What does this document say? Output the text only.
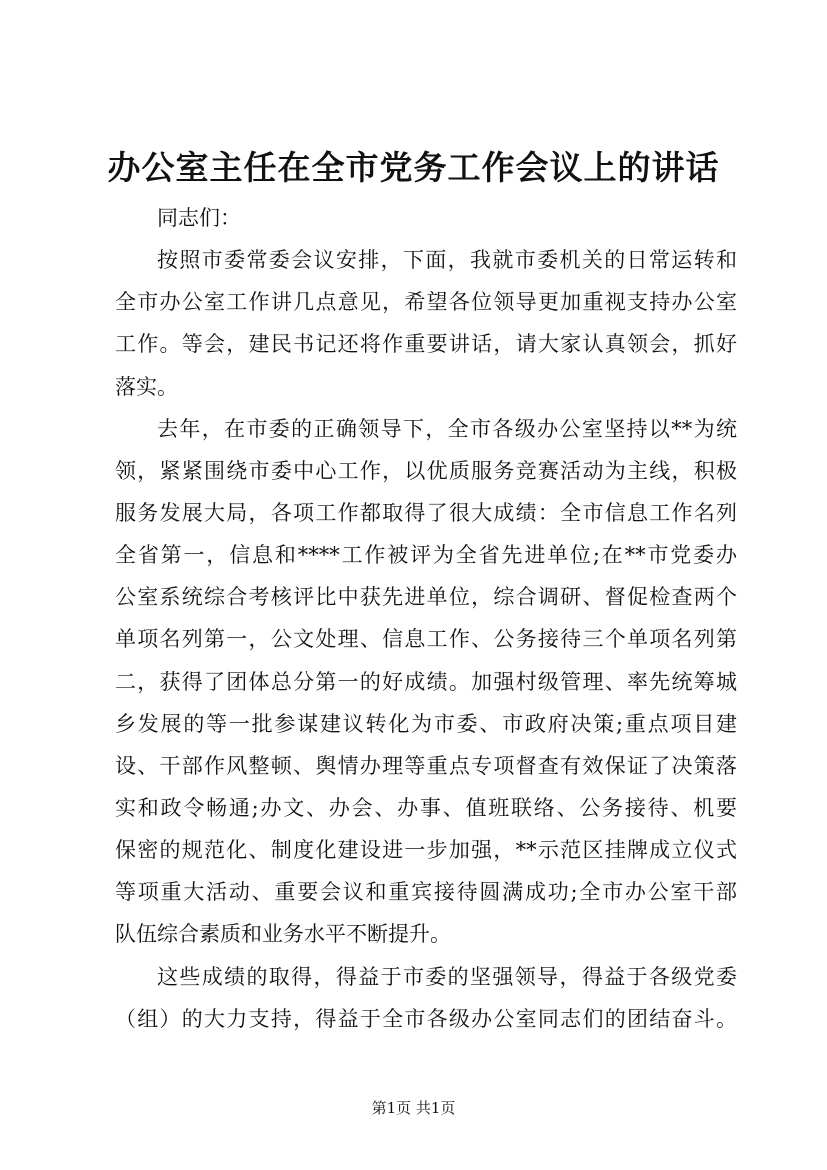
办公室主任在全市党务工作会议上的讲话
同志们：
按照市委常委会议安排，下面，我就市委机关的日常运转和
全市办公室工作讲几点意见，希望各位领导更加重视支持办公室
工作。等会，建民书记还将作重要讲话，请大家认真领会，抓好
落实。
去年，在市委的正确领导下，全市各级办公室坚持以**为统
领，紧紧围绕市委中心工作，以优质服务竞赛活动为主线，积极
服务发展大局，各项工作都取得了很大成绩：全市信息工作名列
全省第一，信息和****工作被评为全省先进单位;在**市党委办
公室系统综合考核评比中获先进单位，综合调研、督促检查两个
单项名列第一，公文处理、信息工作、公务接待三个单项名列第
二，获得了团体总分第一的好成绩。加强村级管理、率先统筹城
乡发展的等一批参谋建议转化为市委、市政府决策;重点项目建
设、干部作风整顿、舆情办理等重点专项督查有效保证了决策落
实和政令畅通;办文、办会、办事、值班联络、公务接待、机要
保密的规范化、制度化建设进一步加强，**示范区挂牌成立仪式
等项重大活动、重要会议和重宾接待圆满成功;全市办公室干部
队伍综合素质和业务水平不断提升。
这些成绩的取得，得益于市委的坚强领导，得益于各级党委
（组）的大力支持，得益于全市各级办公室同志们的团结奋斗。
第1页 共1页
